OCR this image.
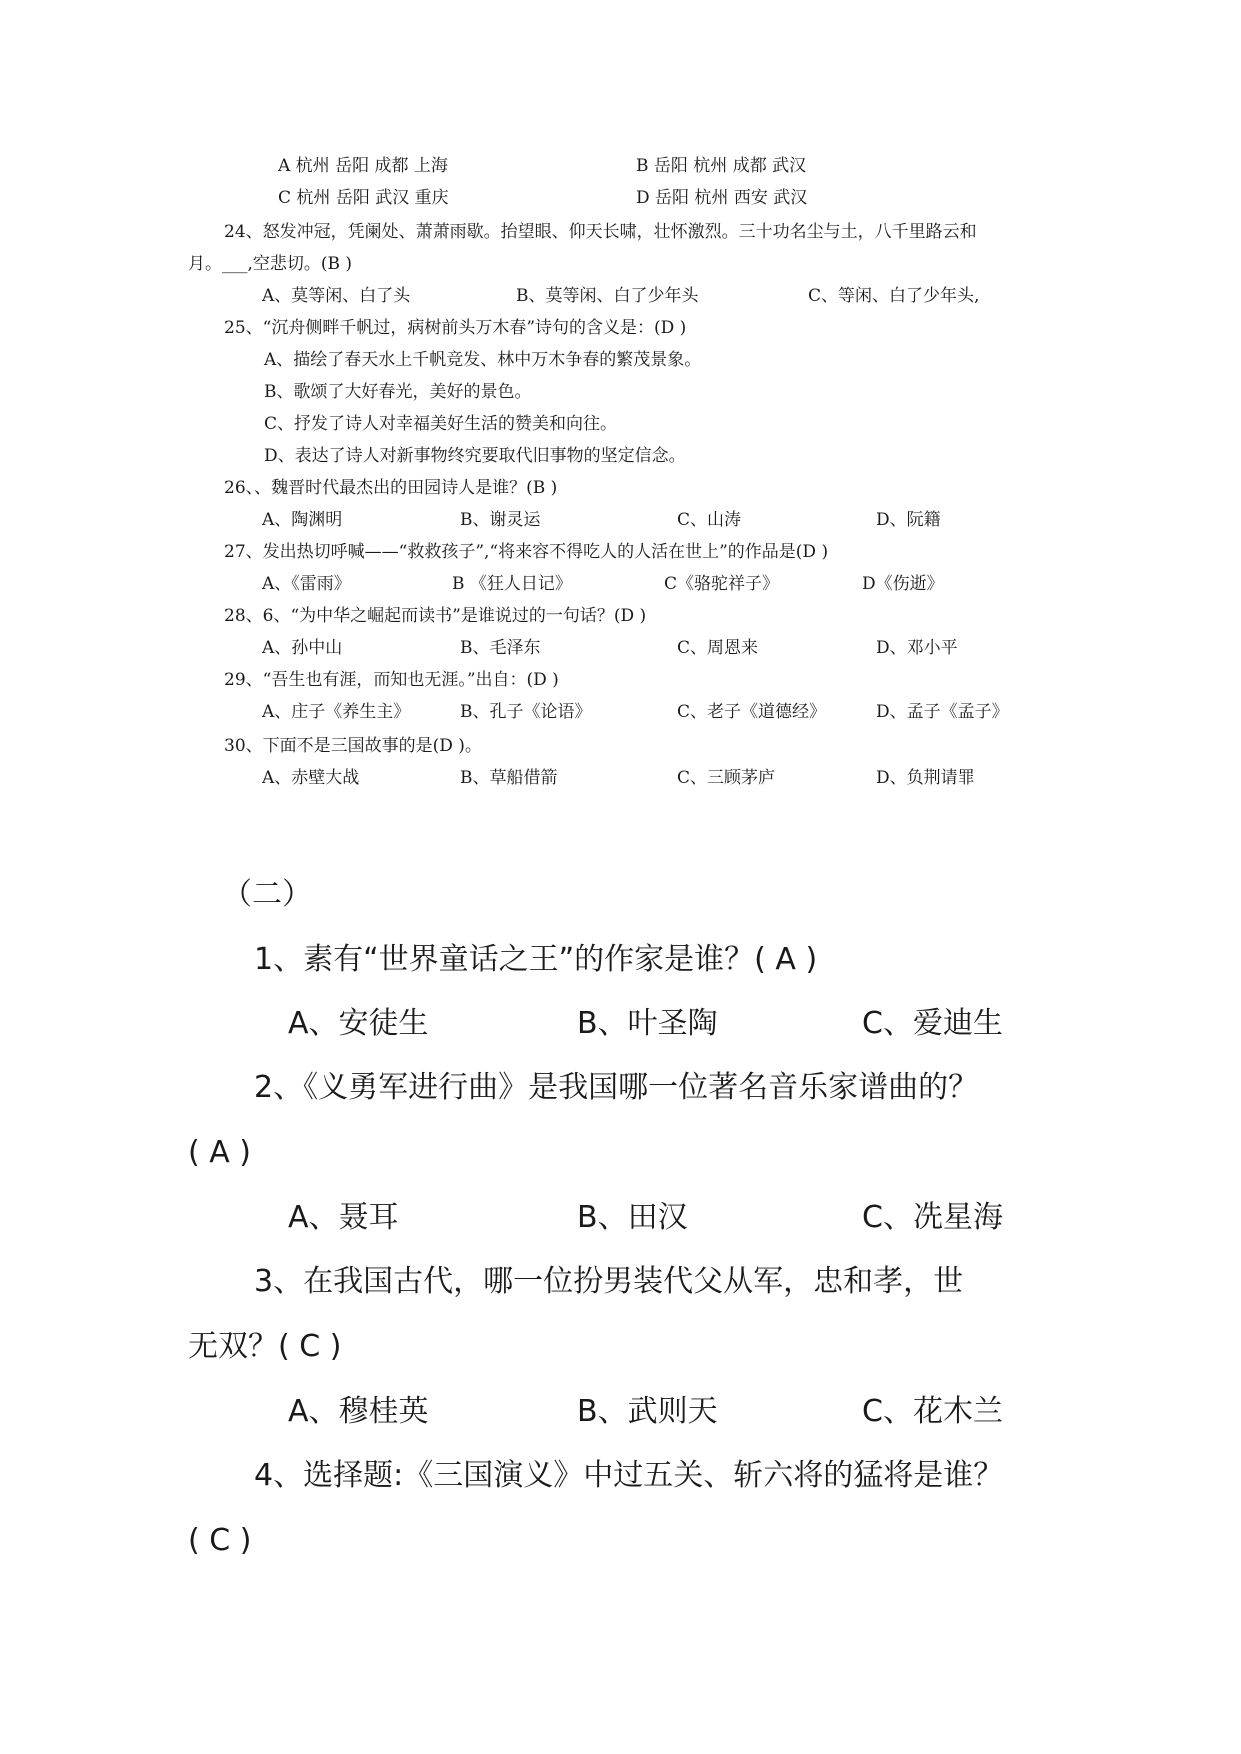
A 杭州 岳阳 成都 上海	B 岳阳 杭州 成都 武汉
C 杭州 岳阳 武汉 重庆	D 岳阳 杭州 西安 武汉
24、怒发冲冠，凭阑处、萧萧雨歇。抬望眼、仰天长啸，壮怀激烈。三十功名尘与土，八千里路云和
月。___,空悲切。(B )
A、莫等闲、白了头	B、莫等闲、白了少年头	C、等闲、白了少年头,
25、“沉舟侧畔千帆过，病树前头万木春”诗句的含义是：(D )
A、描绘了春天水上千帆竞发、林中万木争春的繁茂景象。
B、歌颂了大好春光，美好的景色。
C、抒发了诗人对幸福美好生活的赞美和向往。
D、表达了诗人对新事物终究要取代旧事物的坚定信念。
26、、魏晋时代最杰出的田园诗人是谁？(B )
A、陶渊明	B、谢灵运	C、山涛	D、阮籍
27、发出热切呼喊——“救救孩子”,“将来容不得吃人的人活在世上”的作品是(D )
A、《雷雨》	B 《狂人日记》	C《骆驼祥子》	D《伤逝》
28、6、“为中华之崛起而读书”是谁说过的一句话？(D )
A、孙中山	B、毛泽东	C、周恩来	D、邓小平
29、“吾生也有涯，而知也无涯。”出自：(D )
A、庄子《养生主》	B、孔子《论语》	C、老子《道德经》	D、孟子《孟子》
30、下面不是三国故事的是(D )。
A、赤壁大战	B、草船借箭	C、三顾茅庐	D、负荆请罪
（二）
1、素有“世界童话之王”的作家是谁？( A )
A、安徒生	B、叶圣陶	C、爱迪生
2、《义勇军进行曲》是我国哪一位著名音乐家谱曲的？
( A )
A、聂耳	B、田汉	C、冼星海
3、在我国古代，哪一位扮男装代父从军，忠和孝，世
无双？( C )
A、穆桂英	B、武则天	C、花木兰
4、选择题:《三国演义》中过五关、斩六将的猛将是谁？
( C )
